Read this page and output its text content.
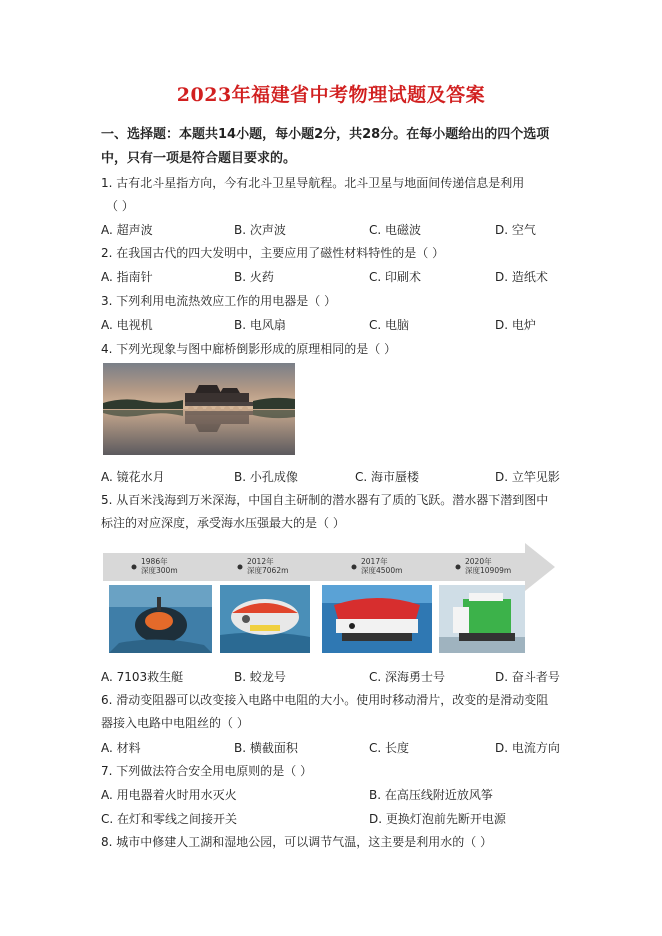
2023年福建省中考物理试题及答案
一、选择题：本题共14小题，每小题2分，共28分。在每小题给出的四个选项
中，只有一项是符合题目要求的。
1. 古有北斗星指方向，今有北斗卫星导航程。北斗卫星与地面间传递信息是利用
（ ）
A. 超声波	B. 次声波	C. 电磁波	D. 空气
2. 在我国古代的四大发明中，主要应用了磁性材料特性的是（ ）
A. 指南针	B. 火药	C. 印刷术	D. 造纸术
3. 下列利用电流热效应工作的用电器是（ ）
A. 电视机	B. 电风扇	C. 电脑	D. 电炉
4. 下列光现象与图中廊桥倒影形成的原理相同的是（ ）
A. 镜花水月	B. 小孔成像	C. 海市蜃楼	D. 立竿见影
5. 从百米浅海到万米深海，中国自主研制的潜水器有了质的飞跃。潜水器下潜到图中
标注的对应深度，承受海水压强最大的是（ ）
1986年
深度300m
2012年
深度7062m
2017年
深度4500m
2020年
深度10909m
A. 7103救生艇	B. 蛟龙号	C. 深海勇士号	D. 奋斗者号
6. 滑动变阻器可以改变接入电路中电阻的大小。使用时移动滑片，改变的是滑动变阻
器接入电路中电阻丝的（ ）
A. 材料	B. 横截面积	C. 长度	D. 电流方向
7. 下列做法符合安全用电原则的是（ ）
A. 用电器着火时用水灭火	B. 在高压线附近放风筝
C. 在灯和零线之间接开关	D. 更换灯泡前先断开电源
8. 城市中修建人工湖和湿地公园，可以调节气温，这主要是利用水的（ ）
